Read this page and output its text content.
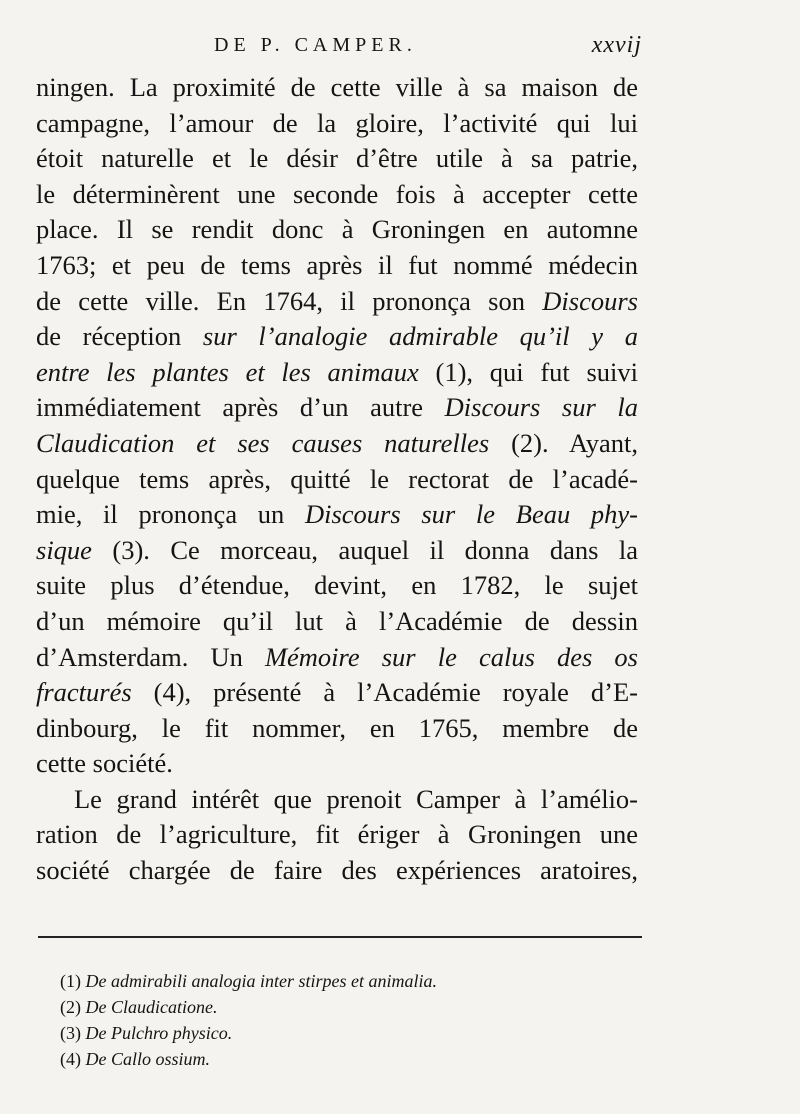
DE P. CAMPER.	xxvij
ningen. La proximité de cette ville à sa maison de
campagne, l’amour de la gloire, l’activité qui lui
étoit naturelle et le désir d’être utile à sa patrie,
le déterminèrent une seconde fois à accepter cette
place. Il se rendit donc à Groningen en automne
1763; et peu de tems après il fut nommé médecin
de cette ville. En 1764, il prononça son Discours
de réception sur l’analogie admirable qu’il y a
entre les plantes et les animaux (1), qui fut suivi
immédiatement après d’un autre Discours sur la
Claudication et ses causes naturelles (2). Ayant,
quelque tems après, quitté le rectorat de l’acadé-
mie, il prononça un Discours sur le Beau phy-
sique (3). Ce morceau, auquel il donna dans la
suite plus d’étendue, devint, en 1782, le sujet
d’un mémoire qu’il lut à l’Académie de dessin
d’Amsterdam. Un Mémoire sur le calus des os
fracturés (4), présenté à l’Académie royale d’E-
dinbourg, le fit nommer, en 1765, membre de
cette société.
Le grand intérêt que prenoit Camper à l’amélio-
ration de l’agriculture, fit ériger à Groningen une
société chargée de faire des expériences aratoires,
(1) De admirabili analogia inter stirpes et animalia.
(2) De Claudicatione.
(3) De Pulchro physico.
(4) De Callo ossium.
